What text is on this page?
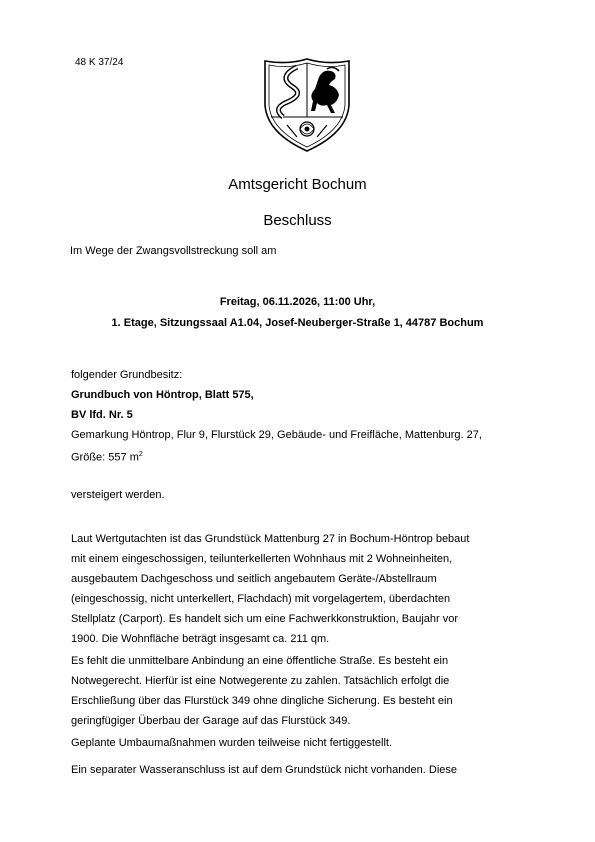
48 K 37/24
Amtsgericht Bochum
Beschluss
Im Wege der Zwangsvollstreckung soll am
Freitag, 06.11.2026, 11:00 Uhr,
1. Etage, Sitzungssaal A1.04, Josef-Neuberger-Straße 1, 44787 Bochum

folgender Grundbesitz:

Grundbuch von Höntrop, Blatt 575,

BV lfd. Nr. 5

Gemarkung Höntrop, Flur 9, Flurstück 29, Gebäude- und Freifläche, Mattenburg. 27,

Größe: 557 $m^2$

versteigert werden.

Laut Wertgutachten ist das Grundstück Mattenburg 27 in Bochum-Höntrop bebaut

mit einem eingeschossigen, teilunterkellerten Wohnhaus mit 2 Wohneinheiten,

ausgebautem Dachgeschoss und seitlich angebautem Geräte-/Abstellraum

(eingeschossig, nicht unterkellert, Flachdach) mit vorgelagertem, überdachten

Stellplatz (Carport). Es handelt sich um eine Fachwerkkonstruktion, Baujahr vor

1900. Die Wohnfläche beträgt insgesamt ca. 211 qm.

Es fehlt die unmittelbare Anbindung an eine öffentliche Straße. Es besteht ein

Notwegerecht. Hierfür ist eine Notwegerente zu zahlen. Tatsächlich erfolgt die

Erschließung über das Flurstück 349 ohne dingliche Sicherung. Es besteht ein

geringfügiger Überbau der Garage auf das Flurstück 349.

Geplante Umbaumaßnahmen wurden teilweise nicht fertiggestellt.

Ein separater Wasseranschluss ist auf dem Grundstück nicht vorhanden. Diese
